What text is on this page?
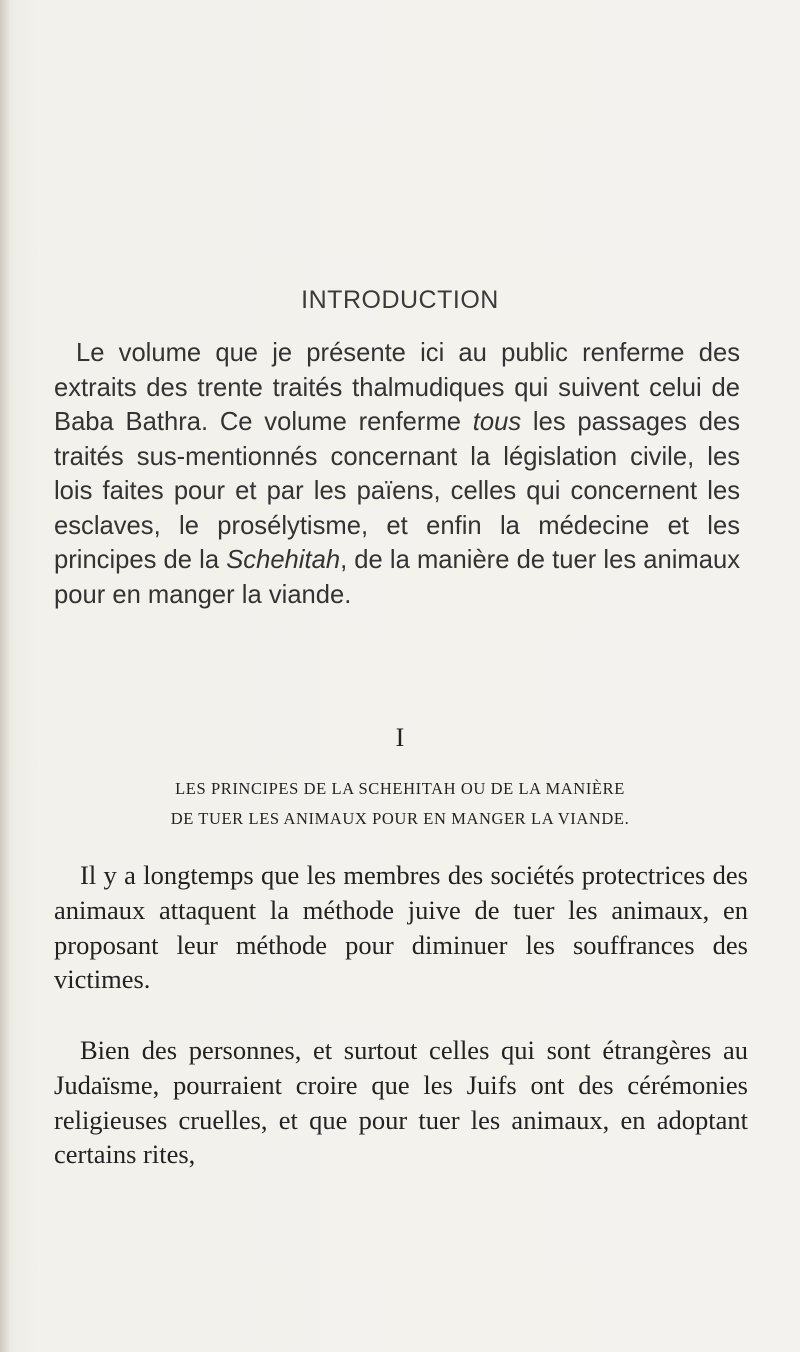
INTRODUCTION

Le volume que je présente ici au public renferme des extraits des trente traités thalmudiques qui suivent celui de Baba Bathra. Ce volume renferme tous les passages des traités sus-mentionnés concernant la législation civile, les lois faites pour et par les païens, celles qui concernent les esclaves, le prosélytisme, et enfin la médecine et les principes de la Schehitah, de la manière de tuer les animaux pour en manger la viande.

I
LES PRINCIPES DE LA SCHEHITAH OU DE LA MANIÈRE
DE TUER LES ANIMAUX POUR EN MANGER LA VIANDE.

Il y a longtemps que les membres des sociétés protectrices des animaux attaquent la méthode juive de tuer les animaux, en proposant leur méthode pour diminuer les souffrances des victimes.

Bien des personnes, et surtout celles qui sont étrangères au Judaïsme, pourraient croire que les Juifs ont des cérémonies religieuses cruelles, et que pour tuer les animaux, en adoptant certains rites,
